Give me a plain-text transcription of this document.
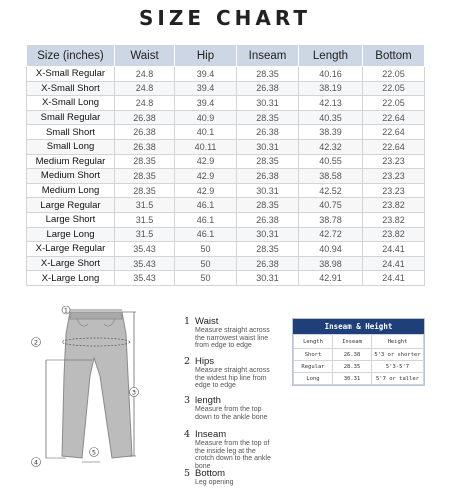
SIZE CHART
Size (inches)	Waist	Hip	Inseam	Length	Bottom
X-Small Regular	24.8	39.4	28.35	40.16	22.05
X-Small Short	24.8	39.4	26.38	38.19	22.05
X-Small Long	24.8	39.4	30.31	42.13	22.05
Small Regular	26.38	40.9	28.35	40.35	22.64
Small Short	26.38	40.1	26.38	38.39	22.64
Small Long	26.38	40.11	30.31	42.32	22.64
Medium Regular	28.35	42.9	28.35	40.55	23.23
Medium Short	28.35	42.9	26.38	38.58	23.23
Medium Long	28.35	42.9	30.31	42.52	23.23
Large Regular	31.5	46.1	28.35	40.75	23.82
Large Short	31.5	46.1	26.38	38.78	23.82
Large Long	31.5	46.1	30.31	42.72	23.82
X-Large Regular	35.43	50	28.35	40.94	24.41
X-Large Short	35.43	50	26.38	38.98	24.41
X-Large Long	35.43	50	30.31	42.91	24.41
1
2
3
4
5
1 Waist
Measure straight across
the narrowest waist line
from edge to edge
2 Hips
Measure straight across
the widest hip line from
edge to edge
3 length
Measure from the top
down to the ankle bone
4 Inseam
Measure from the top of
the inside leg at the
crotch down to the ankle
bone
5 Bottom
Leg opening
Inseam & Height
Length	Inseam	Height
Short	26.38	5'3 or shorter
Regular	28.35	5'3-5'7
Long	30.31	5'7 or taller
